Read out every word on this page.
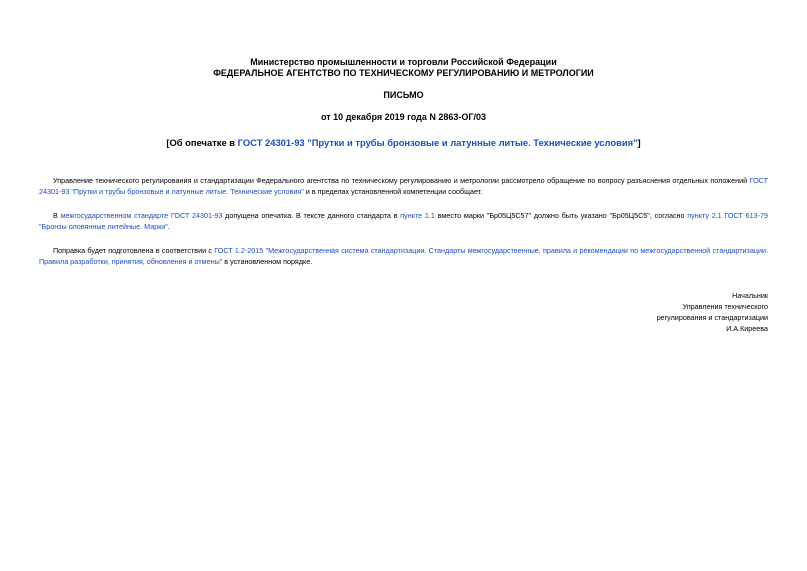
Министерство промышленности и торговли Российской Федерации
ФЕДЕРАЛЬНОЕ АГЕНТСТВО ПО ТЕХНИЧЕСКОМУ РЕГУЛИРОВАНИЮ И МЕТРОЛОГИИ
ПИСЬМО
от 10 декабря 2019 года N 2863-ОГ/03
[Об опечатке в ГОСТ 24301-93 "Прутки и трубы бронзовые и латунные литые. Технические условия"]

Управление технического регулирования и стандартизации Федерального агентства по техническому регулированию и метрологии рассмотрело обращение по вопросу разъяснения отдельных положений ГОСТ 24301-93 "Прутки и трубы бронзовые и латунные литые. Технические условия" и в пределах установленной компетенции сообщает.

В межгосударственном стандарте ГОСТ 24301-93 допущена опечатка. В тексте данного стандарта в пункте 1.1 вместо марки "Бр05Ц5С57" должно быть указано "Бр05Ц5С5", согласно пункту 2.1 ГОСТ 613-79 "Бронзы оловянные литейные. Марки".

Поправка будет подготовлена в соответствии с ГОСТ 1.2-2015 "Межгосударственная система стандартизации. Стандарты межгосударственные, правила и рекомендации по межгосударственной стандартизации. Правила разработки, принятия, обновления и отмены" в установленном порядке.

Начальник
Управления технического
регулирования и стандартизации
И.А.Киреева
